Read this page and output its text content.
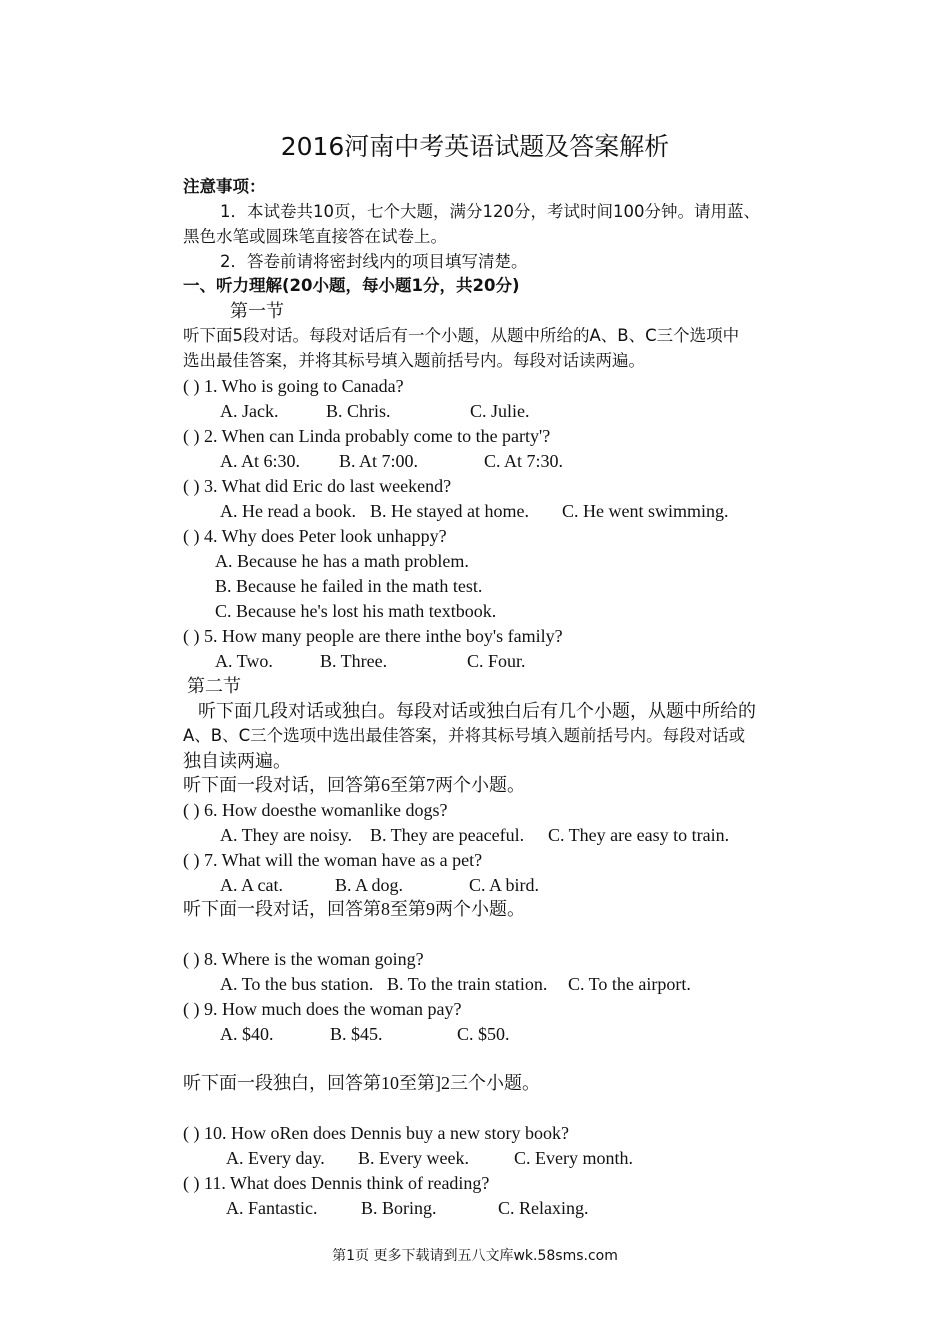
2016河南中考英语试题及答案解析
注意事项：
1．本试卷共10页，七个大题，满分120分，考试时间100分钟。请用蓝、
黑色水笔或圆珠笔直接答在试卷上。
2．答卷前请将密封线内的项目填写清楚。
一、听力理解(20小题，每小题1分，共20分)
第一节
听下面5段对话。每段对话后有一个小题，从题中所给的A、B、C三个选项中
选出最佳答案，并将其标号填入题前括号内。每段对话读两遍。
( ) 1. Who is going to Canada?
A. Jack.	B. Chris.	C. Julie.
( ) 2. When can Linda probably come to the party'?
A. At 6:30. B. At 7:00.	C. At 7:30.
( ) 3. What did Eric do last weekend?
A. He read a book. B. He stayed at home. C. He went swimming.
( ) 4. Why does Peter look unhappy?
A. Because he has a math problem.
B. Because he failed in the math test.
C. Because he's lost his math textbook.
( ) 5. How many people are there inthe boy's family?
A. Two.	B. Three.	C. Four.
第二节
听下面几段对话或独白。每段对话或独白后有几个小题，从题中所给的
A、B、C三个选项中选出最佳答案，并将其标号填入题前括号内。每段对话或
独自读两遍。
听下面一段对话，回答第6至第7两个小题。
( ) 6. How doesthe womanlike dogs?
A. They are noisy. B. They are peaceful. C. They are easy to train.
( ) 7. What will the woman have as a pet?
A. A cat.	B. A dog.	C. A bird.
听下面一段对话，回答第8至第9两个小题。
( ) 8. Where is the woman going?
A. To the bus station. B. To the train station. C. To the airport.
( ) 9. How much does the woman pay?
A. $40.	B. $45.	C. $50.
听下面一段独白，回答第10至第]2三个小题。
( ) 10. How oRen does Dennis buy a new story book?
A. Every day. B. Every week.	C. Every month.
( ) 11. What does Dennis think of reading?
A. Fantastic. B. Boring.	C. Relaxing.
第1页 更多下载请到五八文库wk.58sms.com
